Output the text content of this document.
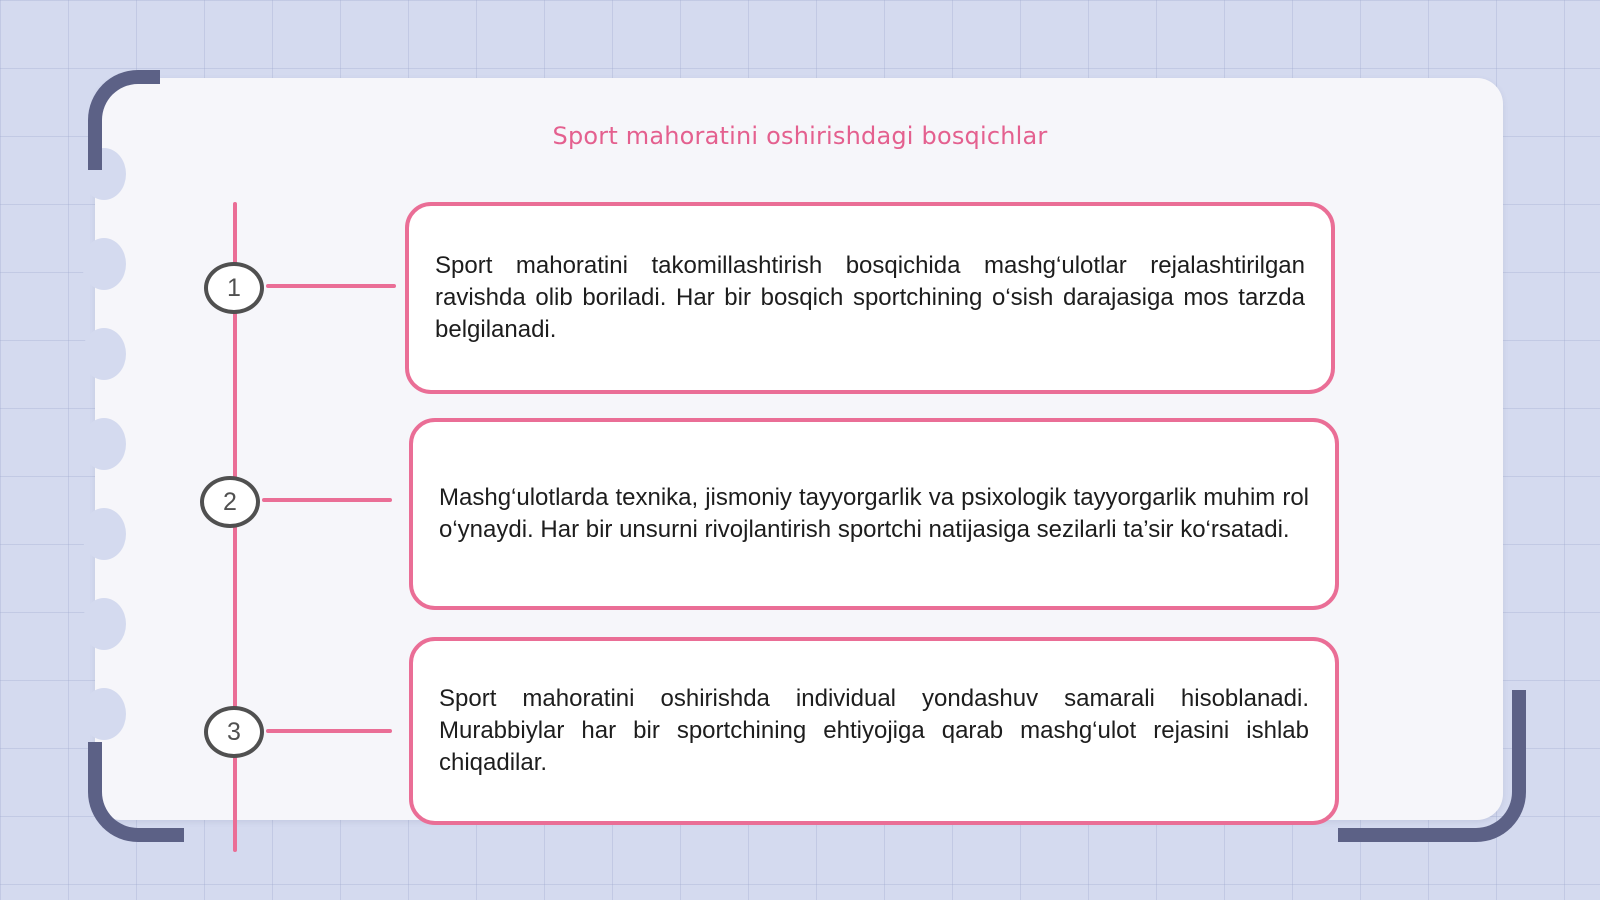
Sport mahoratini oshirishdagi bosqichlar
1

Sport mahoratini takomillashtirish bosqichida mashg‘ulotlar rejalashtirilgan ravishda olib boriladi. Har bir bosqich sportchining o‘sish darajasiga mos tarzda belgilanadi.

2	Mashg‘ulotlarda texnika, jismoniy tayyorgarlik va psixologik tayyorgarlik muhim rol o‘ynaydi. Har bir unsurni rivojlantirish sportchi natijasiga sezilarli ta’sir ko‘rsatadi.

3

Sport mahoratini oshirishda individual yondashuv samarali hisoblanadi. Murabbiylar har bir sportchining ehtiyojiga qarab mashg‘ulot rejasini ishlab chiqadilar.
